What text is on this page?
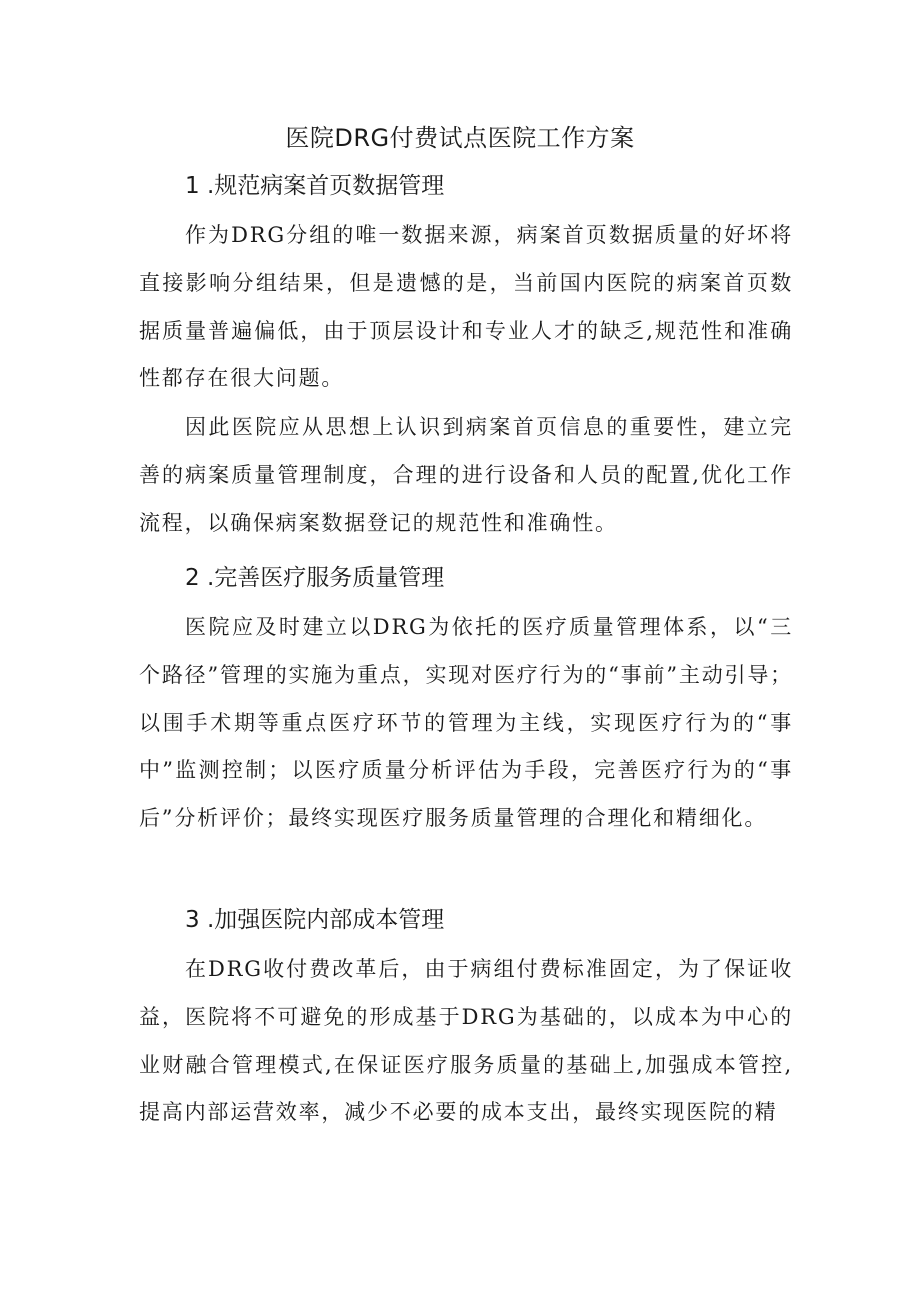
医院DRG付费试点医院工作方案
1 .规范病案首页数据管理

作为DRG分组的唯一数据来源，病案首页数据质量的好坏将直接影响分组结果，但是遗憾的是，当前国内医院的病案首页数据质量普遍偏低，由于顶层设计和专业人才的缺乏,规范性和准确性都存在很大问题。

因此医院应从思想上认识到病案首页信息的重要性，建立完善的病案质量管理制度，合理的进行设备和人员的配置,优化工作流程，以确保病案数据登记的规范性和准确性。

2 .完善医疗服务质量管理

医院应及时建立以DRG为依托的医疗质量管理体系，以“三个路径”管理的实施为重点，实现对医疗行为的“事前”主动引导；以围手术期等重点医疗环节的管理为主线，实现医疗行为的“事中”监测控制；以医疗质量分析评估为手段，完善医疗行为的“事后”分析评价；最终实现医疗服务质量管理的合理化和精细化。

3 .加强医院内部成本管理

在DRG收付费改革后，由于病组付费标准固定，为了保证收益，医院将不可避免的形成基于DRG为基础的，以成本为中心的业财融合管理模式,在保证医疗服务质量的基础上,加强成本管控,提高内部运营效率，减少不必要的成本支出，最终实现医院的精
